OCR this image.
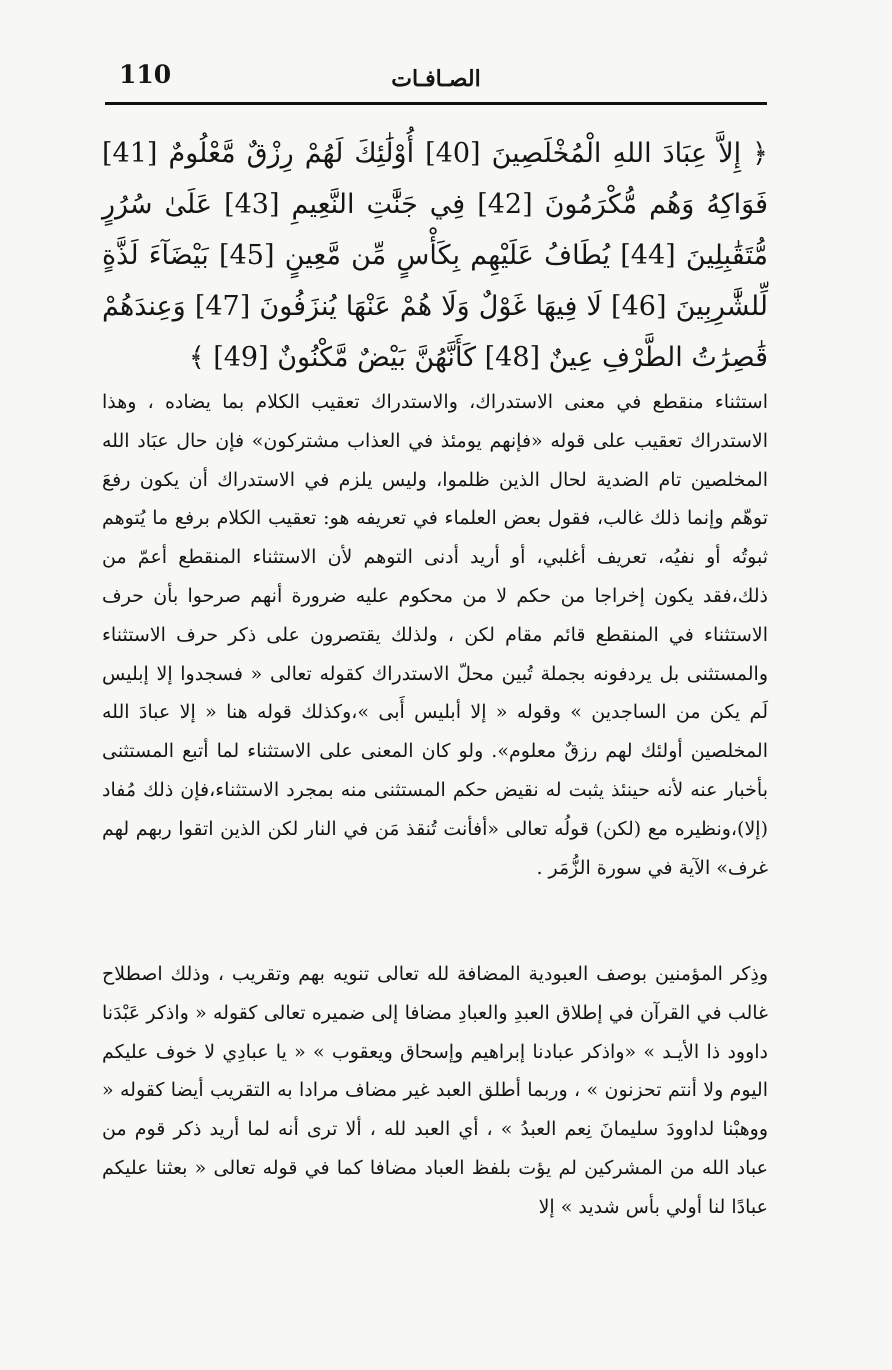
110	الصـافـات
﴿ إِلاَّ عِبَادَ اللهِ الْمُخْلَصِينَ [40] أُوْلَٰئِكَ لَهُمْ رِزْقٌ مَّعْلُومٌ [41] فَوَاكِهُ وَهُم مُّكْرَمُونَ [42] فِي جَنَّٰتِ النَّعِيمِ [43] عَلَىٰ سُرُرٍ مُّتَقَٰبِلِينَ [44] يُطَافُ عَلَيْهِم بِكَأْسٍ مِّن مَّعِينٍ [45] بَيْضَآءَ لَذَّةٍ لِّلشَّٰرِبِينَ [46] لَا فِيهَا غَوْلٌ وَلَا هُمْ عَنْهَا يُنزَفُونَ [47] وَعِندَهُمْ قَٰصِرَٰتُ الطَّرْفِ عِينٌ [48] كَأَنَّهُنَّ بَيْضٌ مَّكْنُونٌ [49] ﴾

استثناء منقطع في معنى الاستدراك، والاستدراك تعقيب الكلام بما يضاده ، وهذا الاستدراك تعقيب على قوله «فإنهم يومئذ في العذاب مشتركون» فإن حال عبَاد الله المخلصين تام الضدية لحال الذين ظلموا، وليس يلزم في الاستدراك أن يكون رفعَ توهّم وإنما ذلك غالب، فقول بعض العلماء في تعريفه هو: تعقيب الكلام برفع ما يُتوهم ثبوتُه أو نفيُه، تعريف أغلبي، أو أريد أدنى التوهم لأن الاستثناء المنقطع أعمّ من ذلك،فقد يكون إخراجا من حكم لا من محكوم عليه ضرورة أنهم صرحوا بأن حرف الاستثناء في المنقطع قائم مقام لكن ، ولذلك يقتصرون على ذكر حرف الاستثناء والمستثنى بل يردفونه بجملة تُبين محلّ الاستدراك كقوله تعالى « فسجدوا إلا إبليس لَم يكن من الساجدين » وقوله « إلا أبليس أَبى »،وكذلك قوله هنا « إلا عبادَ الله المخلصين أولئك لهم رزقٌ معلوم». ولو كان المعنى على الاستثناء لما أتبع المستثنى بأخبار عنه لأنه حينئذ يثبت له نقيض حكم المستثنى منه بمجرد الاستثناء،فإن ذلك مُفاد (إلا)،ونظيره مع (لكن) قولُه تعالى «أفأنت تُنقذ مَن في النار لكن الذين اتقوا ربهم لهم غرف» الآية في سورة الزُّمَر .

وذِكر المؤمنين بوصف العبودية المضافة لله تعالى تنويه بهم وتقريب ، وذلك اصطلاح غالب في القرآن في إطلاق العبدِ والعبادِ مضافا إلى ضميره تعالى كقوله « واذكر عَبْدَنا داوود ذا الأيـد » «واذكر عبادنا إبراهيم وإسحاق ويعقوب » « يا عبادِي لا خوف عليكم اليوم ولا أنتم تحزنون » ، وربما أطلق العبد غير مضاف مرادا به التقريب أيضا كقوله « ووهبْنا لداوودَ سليمانَ نِعم العبدُ » ، أي العبد لله ، ألا ترى أنه لما أريد ذكر قوم من عباد الله من المشركين لم يؤت بلفظ العباد مضافا كما في قوله تعالى « بعثنا عليكم عبادًا لنا أولي بأس شديد » إلا
